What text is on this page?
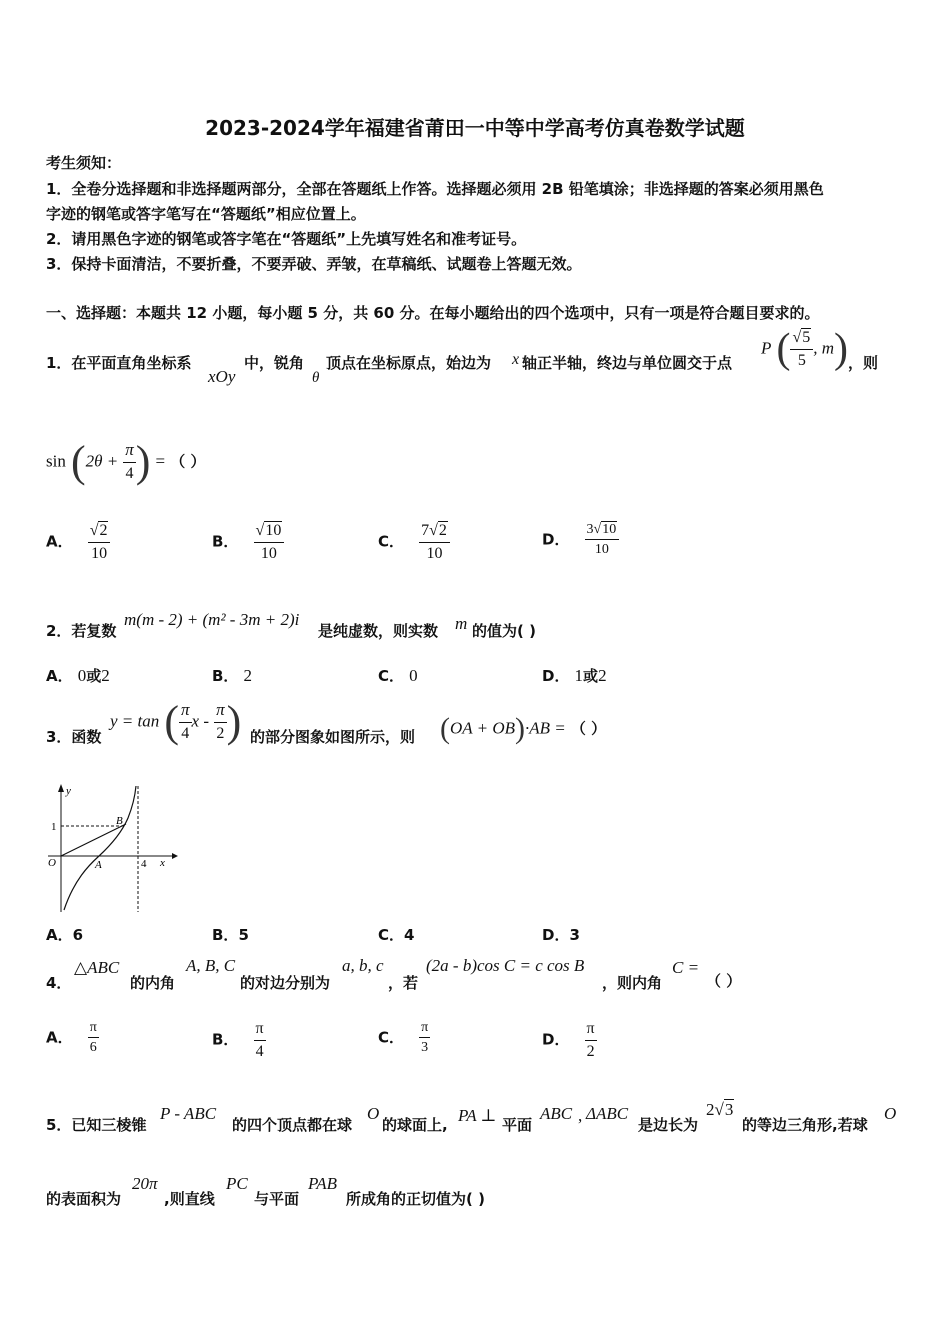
2023-2024学年福建省莆田一中等中学高考仿真卷数学试题
考生须知：
1．全卷分选择题和非选择题两部分，全部在答题纸上作答。选择题必须用 2B 铅笔填涂；非选择题的答案必须用黑色
字迹的钢笔或答字笔写在“答题纸”相应位置上。
2．请用黑色字迹的钢笔或答字笔在“答题纸”上先填写姓名和准考证号。
3．保持卡面清洁，不要折叠，不要弄破、弄皱，在草稿纸、试题卷上答题无效。
一、选择题：本题共 12 小题，每小题 5 分，共 60 分。在每小题给出的四个选项中，只有一项是符合题目要求的。
1．在平面直角坐标系
xOy
中，锐角
θ
顶点在坐标原点，始边为 x 轴正半轴，终边与单位圆交于点
P ( $\frac{√5}{5}$ , m) ，则
$\sin (2\theta + \frac{\pi}{4}$ ) = （ ）
A． $\frac{√2}{10}$	B． $\frac{√10}{10}$	C． $\frac{7√2}{10}$	D． $\frac{3√10}{10}$
2．若复数
m(m - 2) + (m² - 3m + 2)i
是纯虚数，则实数 m 的值为( )
A． 0或2	B． 2	C． 0	D． 1或2
3．函数
y = tan ( $\frac{\pi}{4}$ x - $\frac{\pi}{2}$ ) 的部分图象如图所示，则 (OA + OB)·AB = （ ）
y
x
O	A
B
1
4
A．6	B．5	C．4	D．3
4．
△ABC
的内角
A, B, C
的对边分别为
a, b, c
，若
(2a - b)cos C = c cos B
，则内角
C =
（ ）
A． $\frac{\pi}{6}$	B． $\frac{\pi}{4}$	C． $\frac{\pi}{3}$	D． $\frac{\pi}{2}$
5．已知三棱锥
P - ABC
的四个顶点都在球
O
的球面上, PA ⊥ 平面
ABC , ΔABC
是边长为
2√3
的等边三角形,若球
O
的表面积为
20π
,则直线
PC
与平面
PAB
所成角的正切值为( )
